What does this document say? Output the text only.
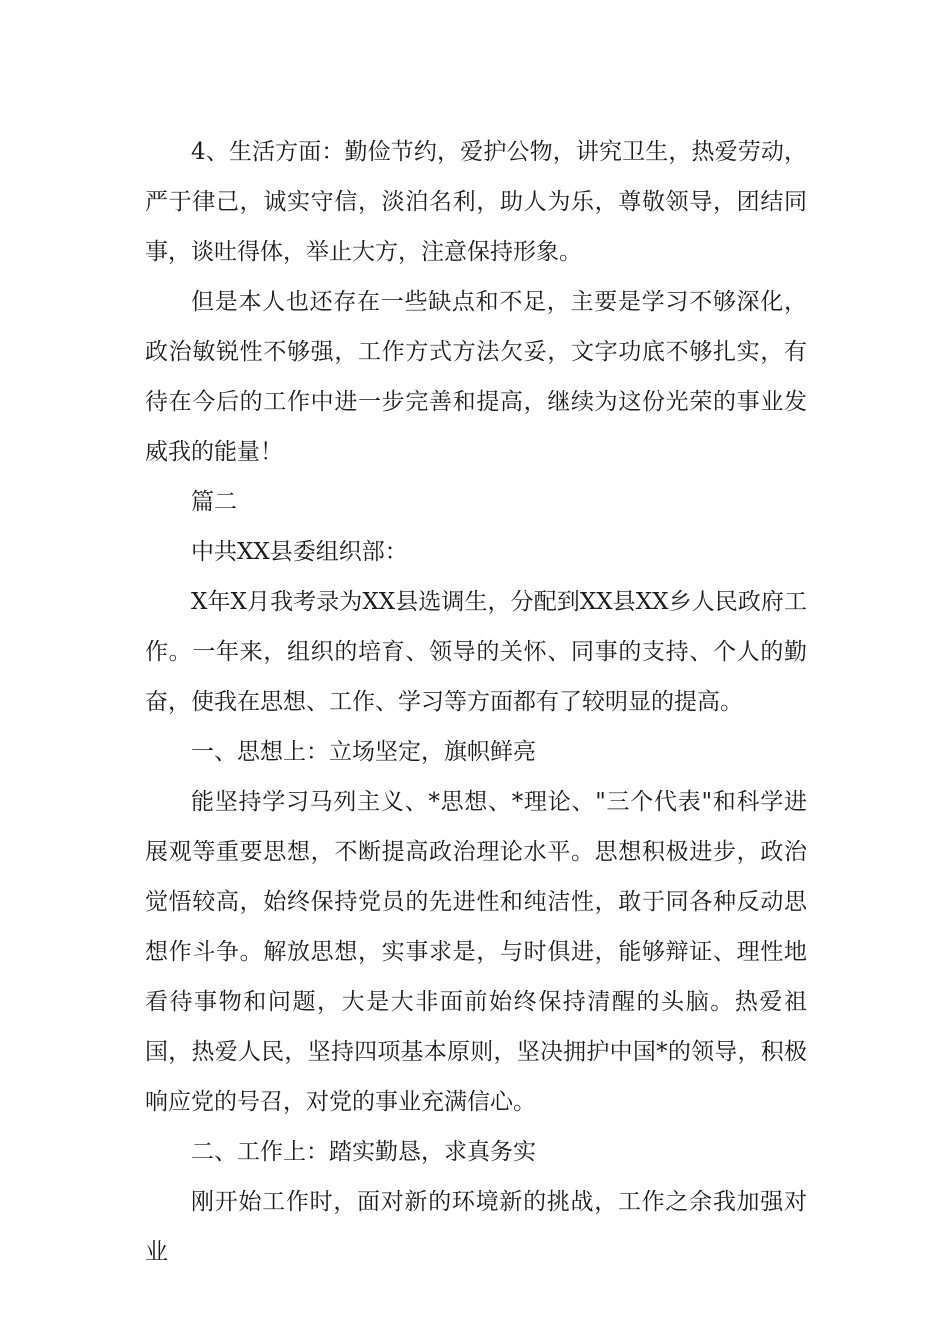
4、生活方面：勤俭节约，爱护公物，讲究卫生，热爱劳动，严于律己，诚实守信，淡泊名利，助人为乐，尊敬领导，团结同事，谈吐得体，举止大方，注意保持形象。

但是本人也还存在一些缺点和不足，主要是学习不够深化，政治敏锐性不够强，工作方式方法欠妥，文字功底不够扎实，有待在今后的工作中进一步完善和提高，继续为这份光荣的事业发威我的能量！

篇二

中共XX县委组织部：

X年X月我考录为XX县选调生，分配到XX县XX乡人民政府工作。一年来，组织的培育、领导的关怀、同事的支持、个人的勤奋，使我在思想、工作、学习等方面都有了较明显的提高。

一、思想上：立场坚定，旗帜鲜亮

能坚持学习马列主义、*思想、*理论、"三个代表"和科学进展观等重要思想，不断提高政治理论水平。思想积极进步，政治觉悟较高，始终保持党员的先进性和纯洁性，敢于同各种反动思想作斗争。解放思想，实事求是，与时俱进，能够辩证、理性地看待事物和问题，大是大非面前始终保持清醒的头脑。热爱祖国，热爱人民，坚持四项基本原则，坚决拥护中国*的领导，积极响应党的号召，对党的事业充满信心。

二、工作上：踏实勤恳，求真务实

刚开始工作时，面对新的环境新的挑战，工作之余我加强对业
